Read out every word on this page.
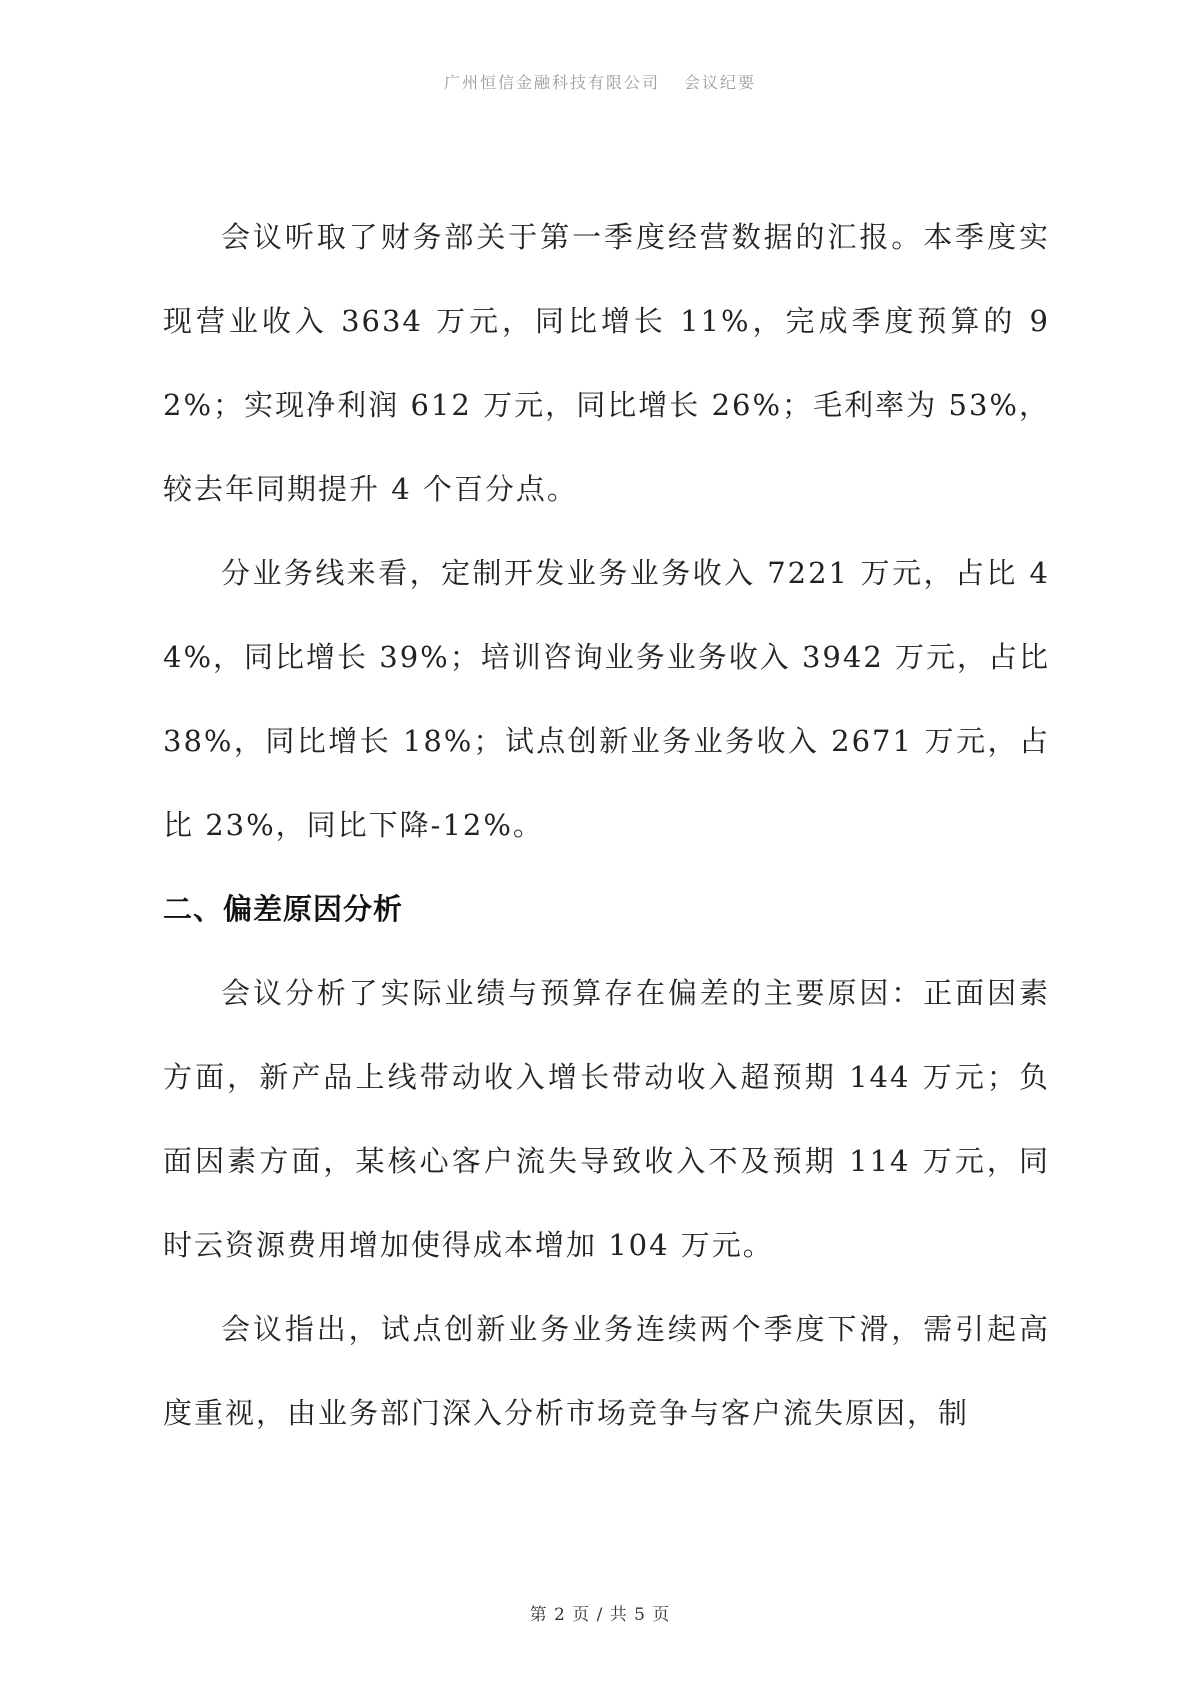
广州恒信金融科技有限公司 会议纪要

会议听取了财务部关于第一季度经营数据的汇报。本季度实现营业收入 3634 万元，同比增长 11%，完成季度预算的 92%；实现净利润 612 万元，同比增长 26%；毛利率为 53%，较去年同期提升 4 个百分点。

分业务线来看，定制开发业务业务收入 7221 万元，占比 44%，同比增长 39%；培训咨询业务业务收入 3942 万元，占比 38%，同比增长 18%；试点创新业务业务收入 2671 万元，占比 23%，同比下降-12%。

二、偏差原因分析

会议分析了实际业绩与预算存在偏差的主要原因：正面因素方面，新产品上线带动收入增长带动收入超预期 144 万元；负面因素方面，某核心客户流失导致收入不及预期 114 万元，同时云资源费用增加使得成本增加 104 万元。

会议指出，试点创新业务业务连续两个季度下滑，需引起高度重视，由业务部门深入分析市场竞争与客户流失原因，制

第 2 页 / 共 5 页
